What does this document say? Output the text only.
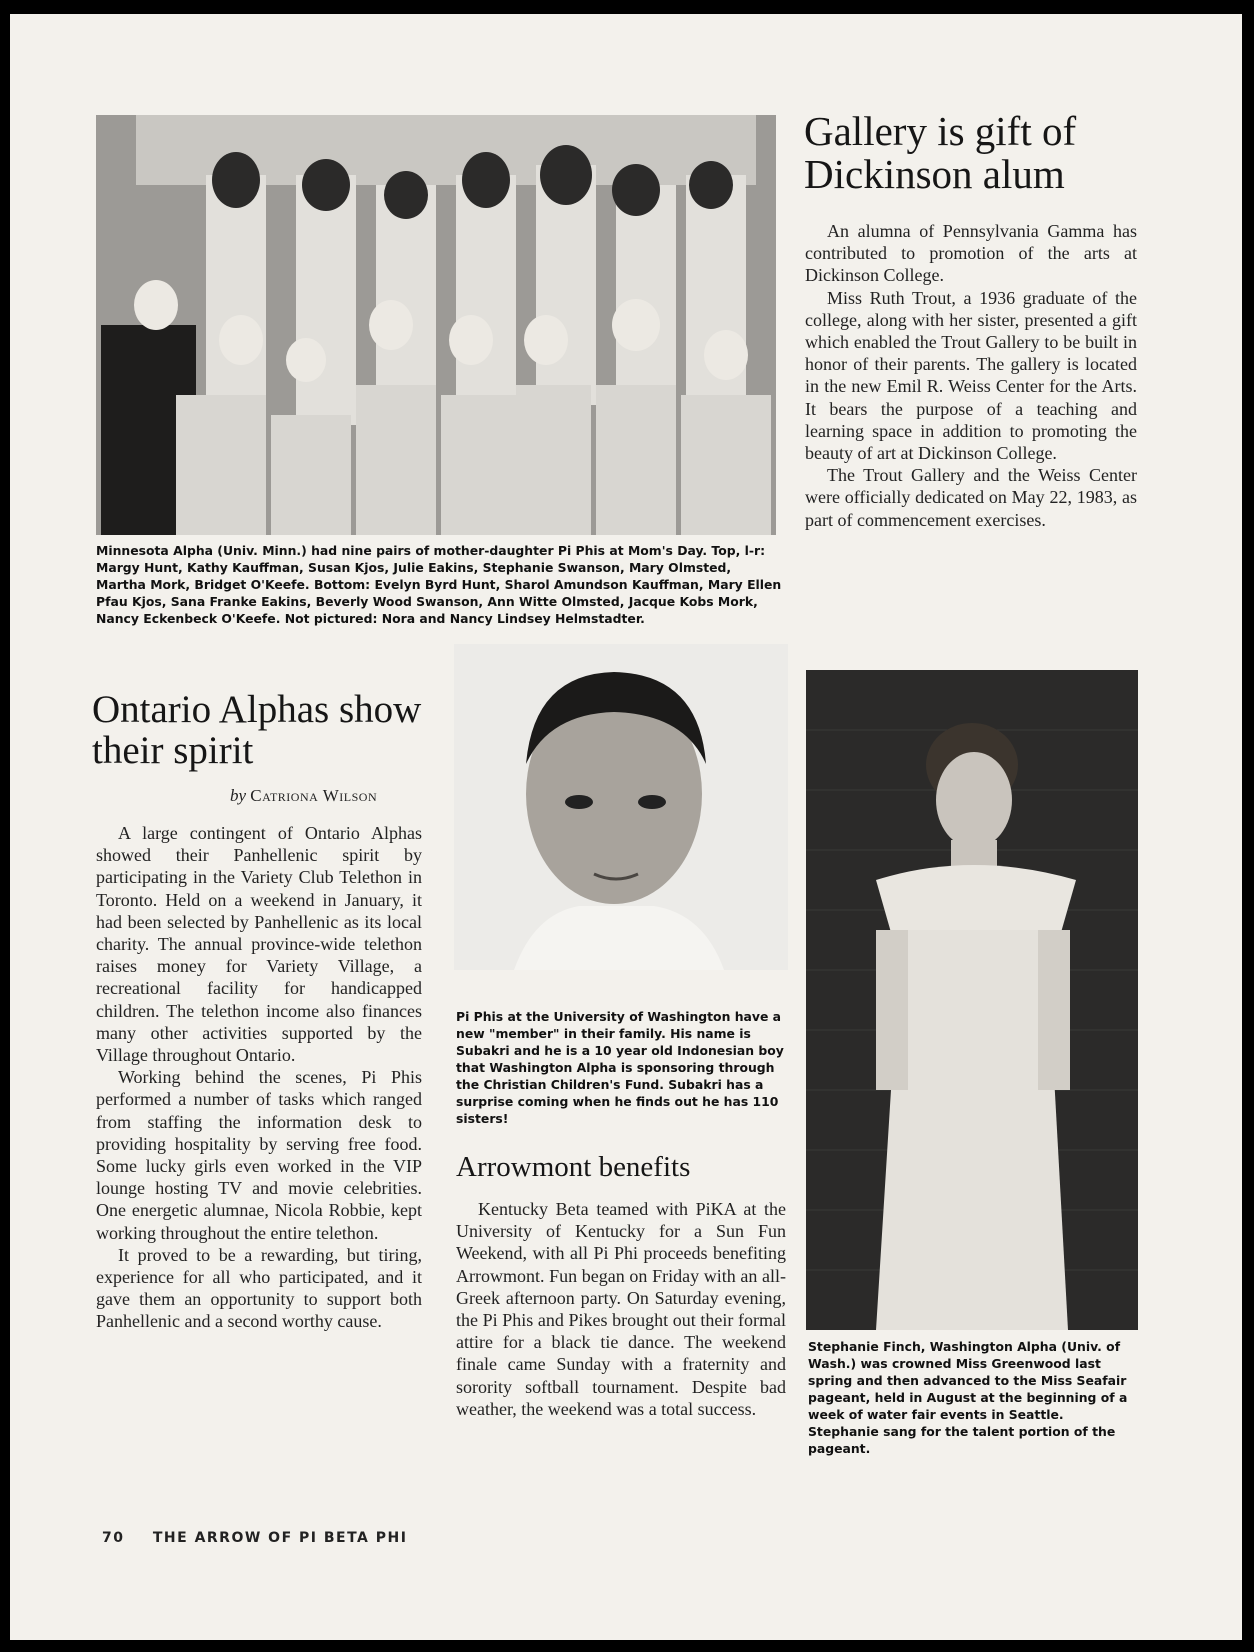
Minnesota Alpha (Univ. Minn.) had nine pairs of mother-daughter Pi Phis at Mom's Day. Top, l-r: Margy Hunt, Kathy Kauffman, Susan Kjos, Julie Eakins, Stephanie Swanson, Mary Olmsted, Martha Mork, Bridget O'Keefe. Bottom: Evelyn Byrd Hunt, Sharol Amundson Kauffman, Mary Ellen Pfau Kjos, Sana Franke Eakins, Beverly Wood Swanson, Ann Witte Olmsted, Jacque Kobs Mork, Nancy Eckenbeck O'Keefe. Not pictured: Nora and Nancy Lindsey Helmstadter.
Gallery is gift of Dickinson alum

An alumna of Pennsylvania Gamma has contributed to promotion of the arts at Dickinson College.

Miss Ruth Trout, a 1936 graduate of the college, along with her sister, presented a gift which enabled the Trout Gallery to be built in honor of their parents. The gallery is located in the new Emil R. Weiss Center for the Arts. It bears the purpose of a teaching and learning space in addition to promoting the beauty of art at Dickinson College.

The Trout Gallery and the Weiss Center were officially dedicated on May 22, 1983, as part of commencement exercises.

Ontario Alphas show their spirit
by Catriona Wilson

A large contingent of Ontario Alphas showed their Panhellenic spirit by participating in the Variety Club Telethon in Toronto. Held on a weekend in January, it had been selected by Panhellenic as its local charity. The annual province-wide telethon raises money for Variety Village, a recreational facility for handicapped children. The telethon income also finances many other activities supported by the Village throughout Ontario.

Working behind the scenes, Pi Phis performed a number of tasks which ranged from staffing the information desk to providing hospitality by serving free food. Some lucky girls even worked in the VIP lounge hosting TV and movie celebrities. One energetic alumnae, Nicola Robbie, kept working throughout the entire telethon.

It proved to be a rewarding, but tiring, experience for all who participated, and it gave them an opportunity to support both Panhellenic and a second worthy cause.

Pi Phis at the University of Washington have a new "member" in their family. His name is Subakri and he is a 10 year old Indonesian boy that Washington Alpha is sponsoring through the Christian Children's Fund. Subakri has a surprise coming when he finds out he has 110 sisters!
Arrowmont benefits

Kentucky Beta teamed with PiKA at the University of Kentucky for a Sun Fun Weekend, with all Pi Phi proceeds benefiting Arrowmont. Fun began on Friday with an all-Greek afternoon party. On Saturday evening, the Pi Phis and Pikes brought out their formal attire for a black tie dance. The weekend finale came Sunday with a fraternity and sorority softball tournament. Despite bad weather, the weekend was a total success.

Stephanie Finch, Washington Alpha (Univ. of Wash.) was crowned Miss Greenwood last spring and then advanced to the Miss Seafair pageant, held in August at the beginning of a week of water fair events in Seattle. Stephanie sang for the talent portion of the pageant.
70 THE ARROW OF PI BETA PHI
